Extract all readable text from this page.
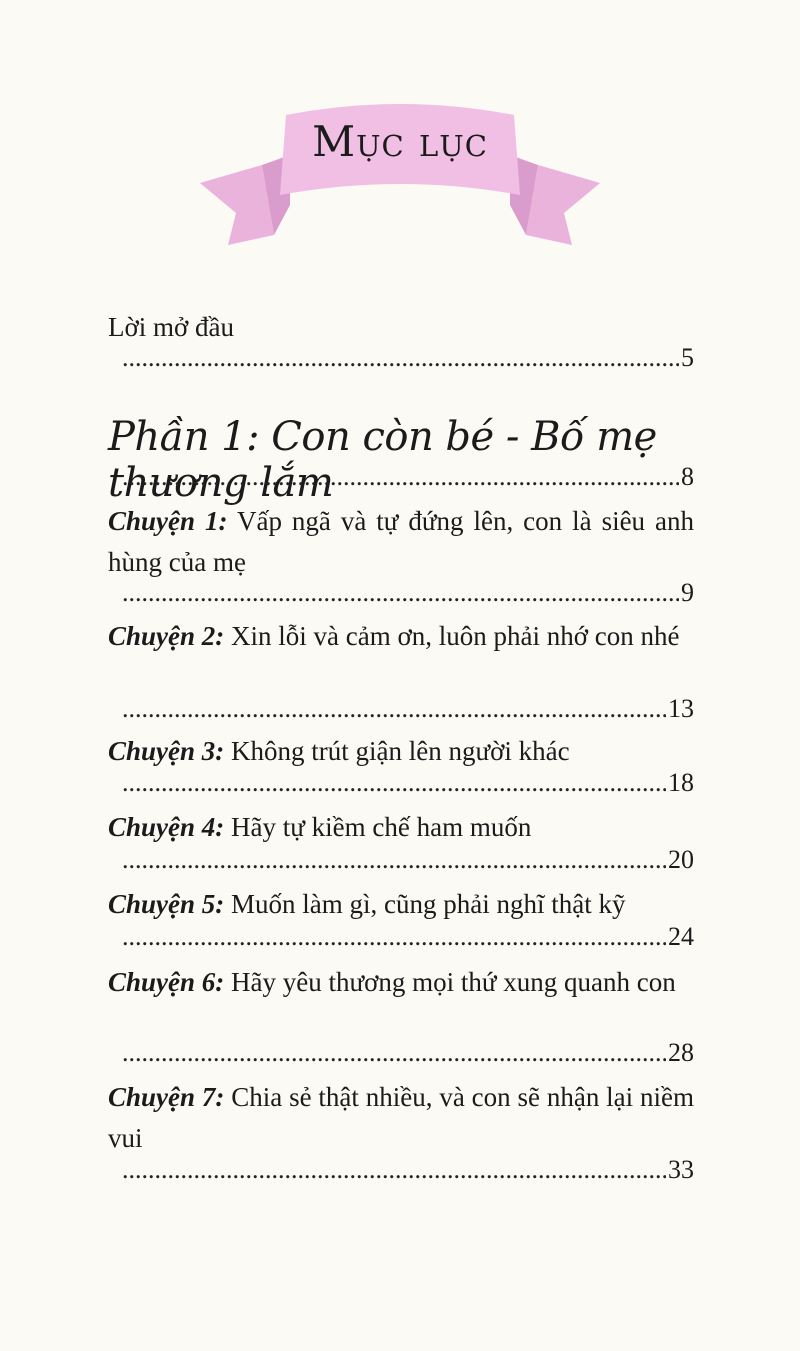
Mục lục
Lời mở đầu
.....
5
Phần 1: Con còn bé - Bố mẹ thương lắm
.....	8
Chuyện 1: Vấp ngã và tự đứng lên, con là siêu anh hùng của mẹ
.....
9
Chuyện 2: Xin lỗi và cảm ơn, luôn phải nhớ con nhé
.....
13
Chuyện 3: Không trút giận lên người khác
.....
18
Chuyện 4: Hãy tự kiềm chế ham muốn
.....
20
Chuyện 5: Muốn làm gì, cũng phải nghĩ thật kỹ
.....
24
Chuyện 6: Hãy yêu thương mọi thứ xung quanh con
.....
28
Chuyện 7: Chia sẻ thật nhiều, và con sẽ nhận lại niềm vui
.....
33
